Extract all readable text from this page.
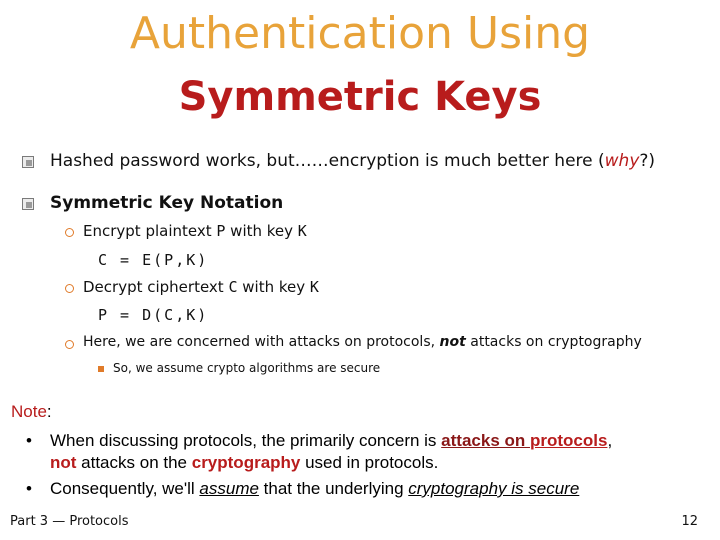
Authentication Using
Symmetric Keys
Hashed password works, but……encryption is much better here (why?)
Symmetric Key Notation
Encrypt plaintext P with key K
C = E(P,K)
Decrypt ciphertext C with key K
P = D(C,K)
Here, we are concerned with attacks on protocols, not attacks on cryptography
So, we assume crypto algorithms are secure
Note:
• When discussing protocols, the primarily concern is attacks on protocols,
not attacks on the cryptography used in protocols.
• Consequently, we'll assume that the underlying cryptography is secure
Part 3 — Protocols	12
